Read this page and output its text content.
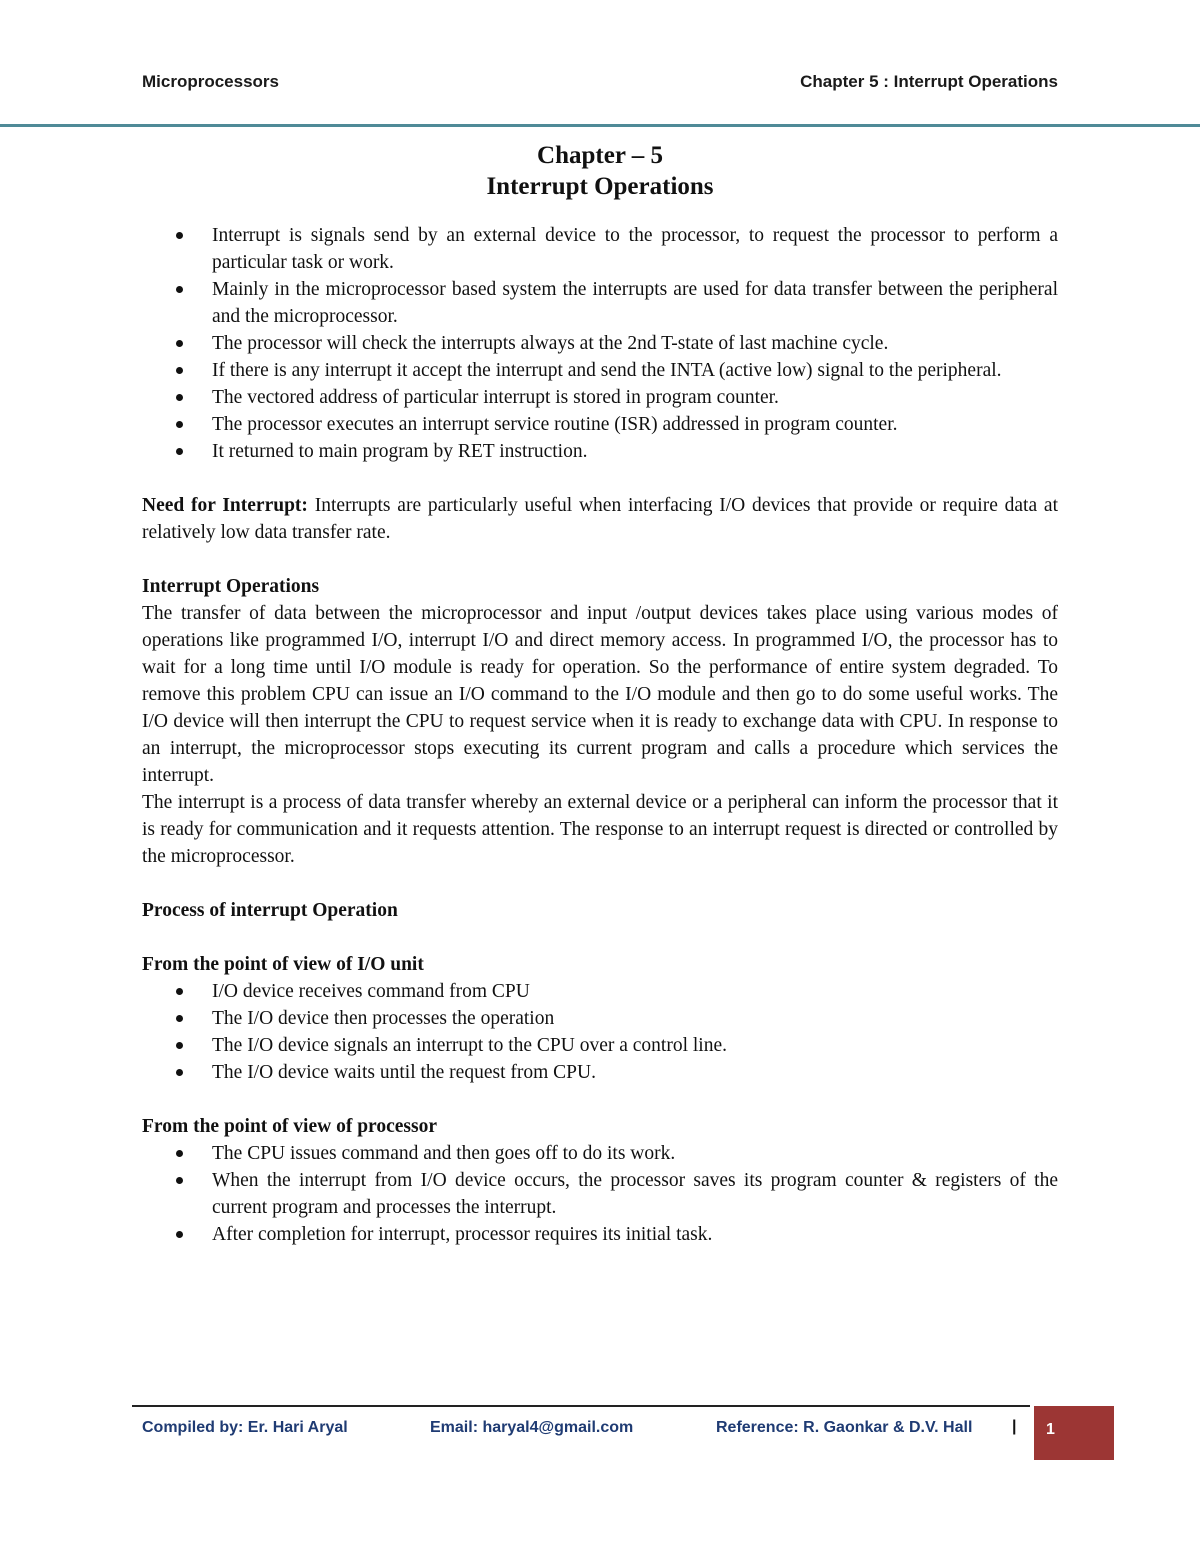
Microprocessors	Chapter 5 : Interrupt Operations
Chapter – 5
Interrupt Operations
Interrupt is signals send by an external device to the processor, to request the processor to perform a particular task or work.
Mainly in the microprocessor based system the interrupts are used for data transfer between the peripheral and the microprocessor.
The processor will check the interrupts always at the 2nd T-state of last machine cycle.
If there is any interrupt it accept the interrupt and send the INTA (active low) signal to the peripheral.
The vectored address of particular interrupt is stored in program counter.
The processor executes an interrupt service routine (ISR) addressed in program counter.
It returned to main program by RET instruction.

Need for Interrupt: Interrupts are particularly useful when interfacing I/O devices that provide or require data at relatively low data transfer rate.

Interrupt Operations

The transfer of data between the microprocessor and input /output devices takes place using various modes of operations like programmed I/O, interrupt I/O and direct memory access. In programmed I/O, the processor has to wait for a long time until I/O module is ready for operation. So the performance of entire system degraded. To remove this problem CPU can issue an I/O command to the I/O module and then go to do some useful works. The I/O device will then interrupt the CPU to request service when it is ready to exchange data with CPU. In response to an interrupt, the microprocessor stops executing its current program and calls a procedure which services the interrupt.

The interrupt is a process of data transfer whereby an external device or a peripheral can inform the processor that it is ready for communication and it requests attention. The response to an interrupt request is directed or controlled by the microprocessor.

Process of interrupt Operation

From the point of view of I/O unit

I/O device receives command from CPU
The I/O device then processes the operation
The I/O device signals an interrupt to the CPU over a control line.
The I/O device waits until the request from CPU.

From the point of view of processor

The CPU issues command and then goes off to do its work.
When the interrupt from I/O device occurs, the processor saves its program counter & registers of the current program and processes the interrupt.
After completion for interrupt, processor requires its initial task.
Compiled by: Er. Hari Aryal	Email: haryal4@gmail.com	Reference: R. Gaonkar & D.V. Hall | 1
